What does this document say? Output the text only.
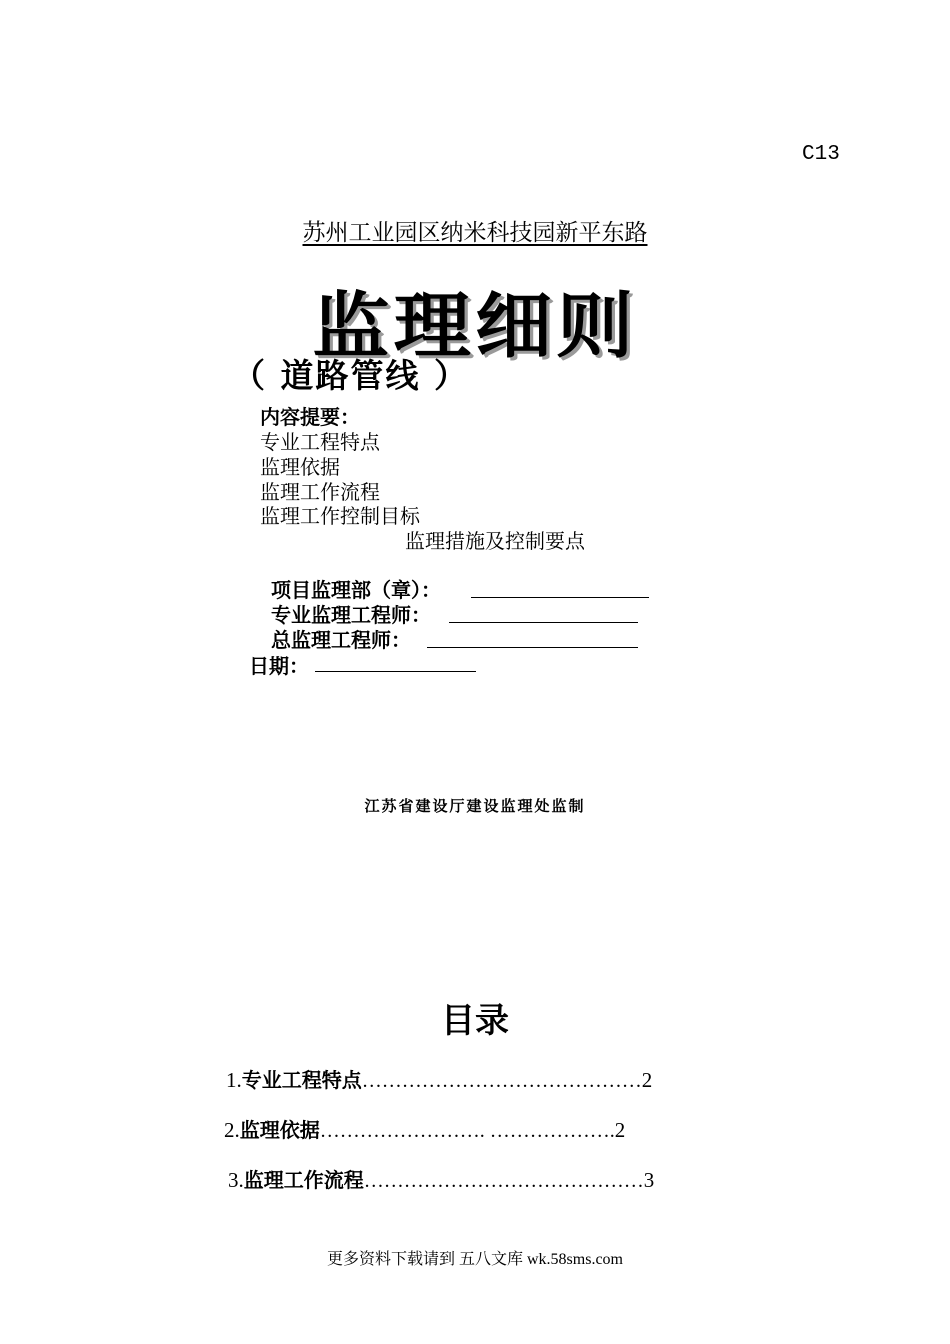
C13
苏州工业园区纳米科技园新平东路
监理细则
（ 道路管线 ）
内容提要：
专业工程特点
监理依据
监理工作流程
监理工作控制目标
监理措施及控制要点
项目监理部（章）：
专业监理工程师：
总监理工程师：
日期：
江苏省建设厅建设监理处监制
目录
1.专业工程特点……………………………………2
2.监理依据……………………. ……………….2
3.监理工作流程……………………………………3
更多资料下载请到 五八文库 wk.58sms.com
